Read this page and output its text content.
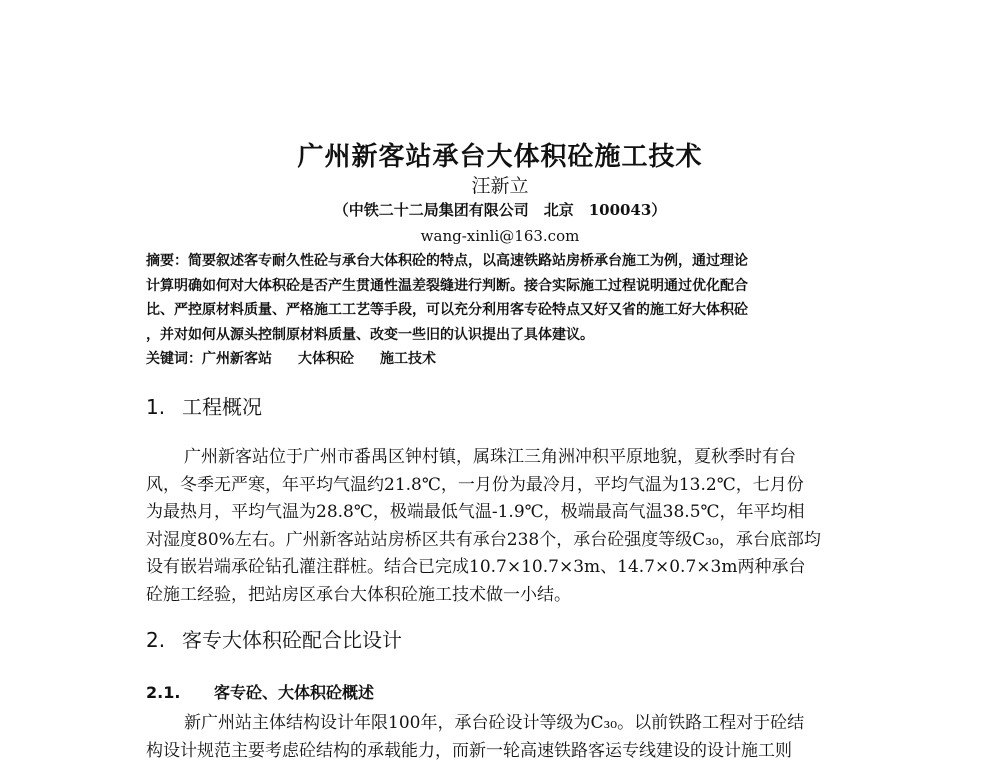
广州新客站承台大体积砼施工技术
汪新立
（中铁二十二局集团有限公司　北京　100043）
wang-xinli@163.com
摘要：简要叙述客专耐久性砼与承台大体积砼的特点，以高速铁路站房桥承台施工为例，通过理论
计算明确如何对大体积砼是否产生贯通性温差裂缝进行判断。接合实际施工过程说明通过优化配合
比、严控原材料质量、严格施工工艺等手段，可以充分利用客专砼特点又好又省的施工好大体积砼
，并对如何从源头控制原材料质量、改变一些旧的认识提出了具体建议。
关键词：广州新客站 大体积砼 施工技术
1. 工程概况
广州新客站位于广州市番禺区钟村镇，属珠江三角洲冲积平原地貌，夏秋季时有台
风，冬季无严寒，年平均气温约21.8℃，一月份为最冷月，平均气温为13.2℃，七月份
为最热月，平均气温为28.8℃，极端最低气温-1.9℃，极端最高气温38.5℃，年平均相
对湿度80%左右。广州新客站站房桥区共有承台238个，承台砼强度等级C₃₀，承台底部均
设有嵌岩端承砼钻孔灌注群桩。结合已完成10.7×10.7×3m、14.7×0.7×3m两种承台
砼施工经验，把站房区承台大体积砼施工技术做一小结。
2. 客专大体积砼配合比设计
2.1. 客专砼、大体积砼概述
新广州站主体结构设计年限100年，承台砼设计等级为C₃₀。以前铁路工程对于砼结
构设计规范主要考虑砼结构的承载能力，而新一轮高速铁路客运专线建设的设计施工则
